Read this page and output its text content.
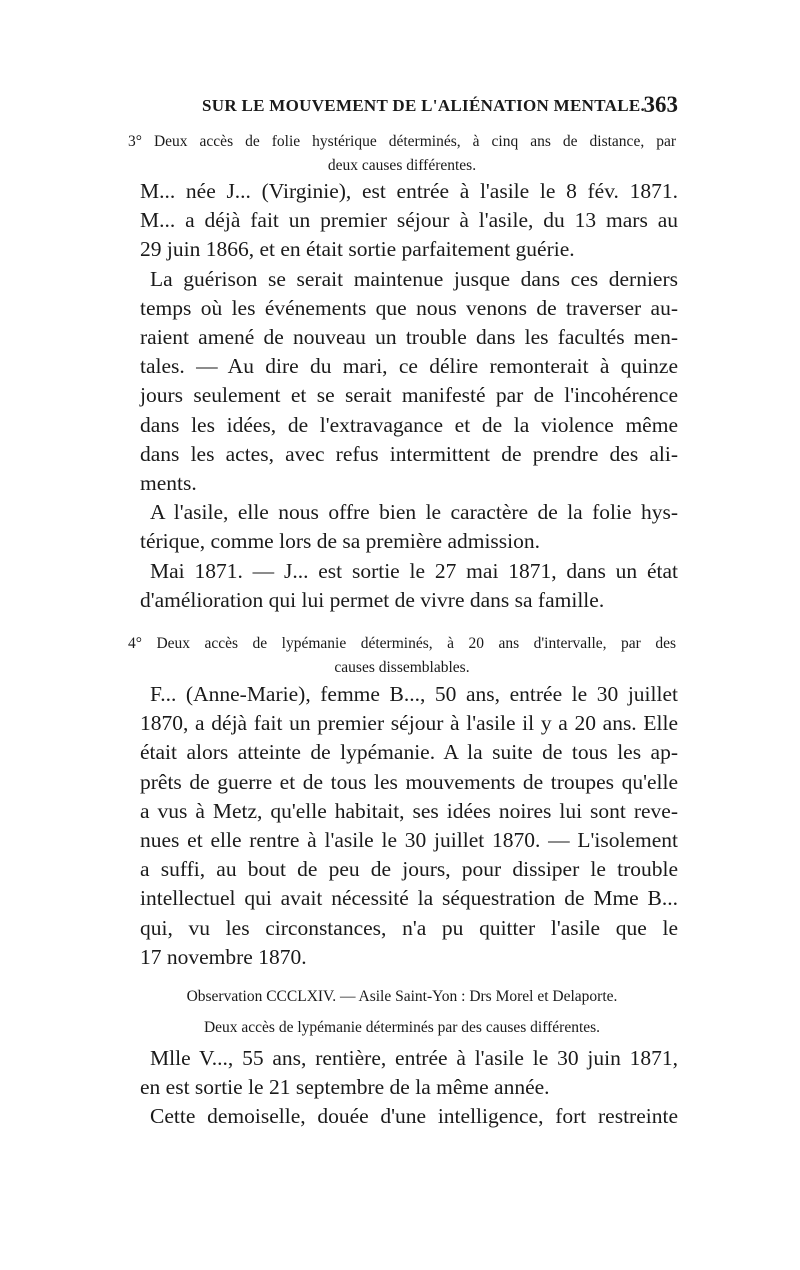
SUR LE MOUVEMENT DE L'ALIÉNATION MENTALE.
363
3° Deux accès de folie hystérique déterminés, à cinq ans de distance, par
deux causes différentes.
M... née J... (Virginie), est entrée à l'asile le 8 fév. 1871.
M... a déjà fait un premier séjour à l'asile, du 13 mars au
29 juin 1866, et en était sortie parfaitement guérie.
La guérison se serait maintenue jusque dans ces derniers
temps où les événements que nous venons de traverser au-
raient amené de nouveau un trouble dans les facultés men-
tales. — Au dire du mari, ce délire remonterait à quinze
jours seulement et se serait manifesté par de l'incohérence
dans les idées, de l'extravagance et de la violence même
dans les actes, avec refus intermittent de prendre des ali-
ments.
A l'asile, elle nous offre bien le caractère de la folie hys-
térique, comme lors de sa première admission.
Mai 1871. — J... est sortie le 27 mai 1871, dans un état
d'amélioration qui lui permet de vivre dans sa famille.
4° Deux accès de lypémanie déterminés, à 20 ans d'intervalle, par des
causes dissemblables.
F... (Anne-Marie), femme B..., 50 ans, entrée le 30 juillet
1870, a déjà fait un premier séjour à l'asile il y a 20 ans. Elle
était alors atteinte de lypémanie. A la suite de tous les ap-
prêts de guerre et de tous les mouvements de troupes qu'elle
a vus à Metz, qu'elle habitait, ses idées noires lui sont reve-
nues et elle rentre à l'asile le 30 juillet 1870. — L'isolement
a suffi, au bout de peu de jours, pour dissiper le trouble
intellectuel qui avait nécessité la séquestration de Mme B...
qui, vu les circonstances, n'a pu quitter l'asile que le
17 novembre 1870.
Observation CCCLXIV. — Asile Saint-Yon : Drs Morel et Delaporte.
Deux accès de lypémanie déterminés par des causes différentes.
Mlle V..., 55 ans, rentière, entrée à l'asile le 30 juin 1871,
en est sortie le 21 septembre de la même année.
Cette demoiselle, douée d'une intelligence, fort restreinte
